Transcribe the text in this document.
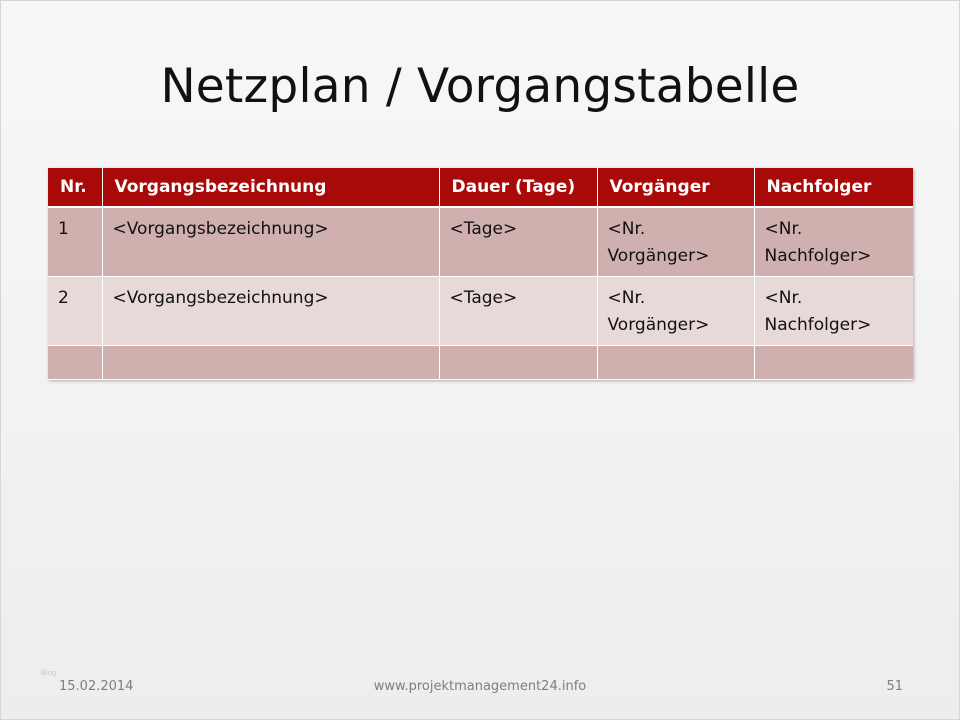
Netzplan / Vorgangstabelle
Nr.	Vorgangsbezeichnung	Dauer (Tage)	Vorgänger	Nachfolger
1	<Vorgangsbezeichnung>	<Tage>	<Nr. Vorgänger>	<Nr. Nachfolger>
2	<Vorgangsbezeichnung>	<Tage>	<Nr. Vorgänger>	<Nr. Nachfolger>

Blog
15.02.2014	www.projektmanagement24.info	51
